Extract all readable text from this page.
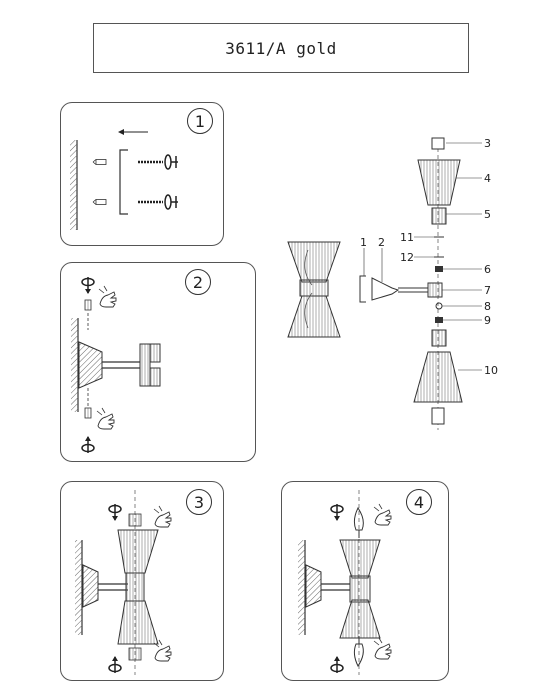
3611/A gold
1
2
3	4
1 2
3
4
5
6
7
8
9
10
11
12
